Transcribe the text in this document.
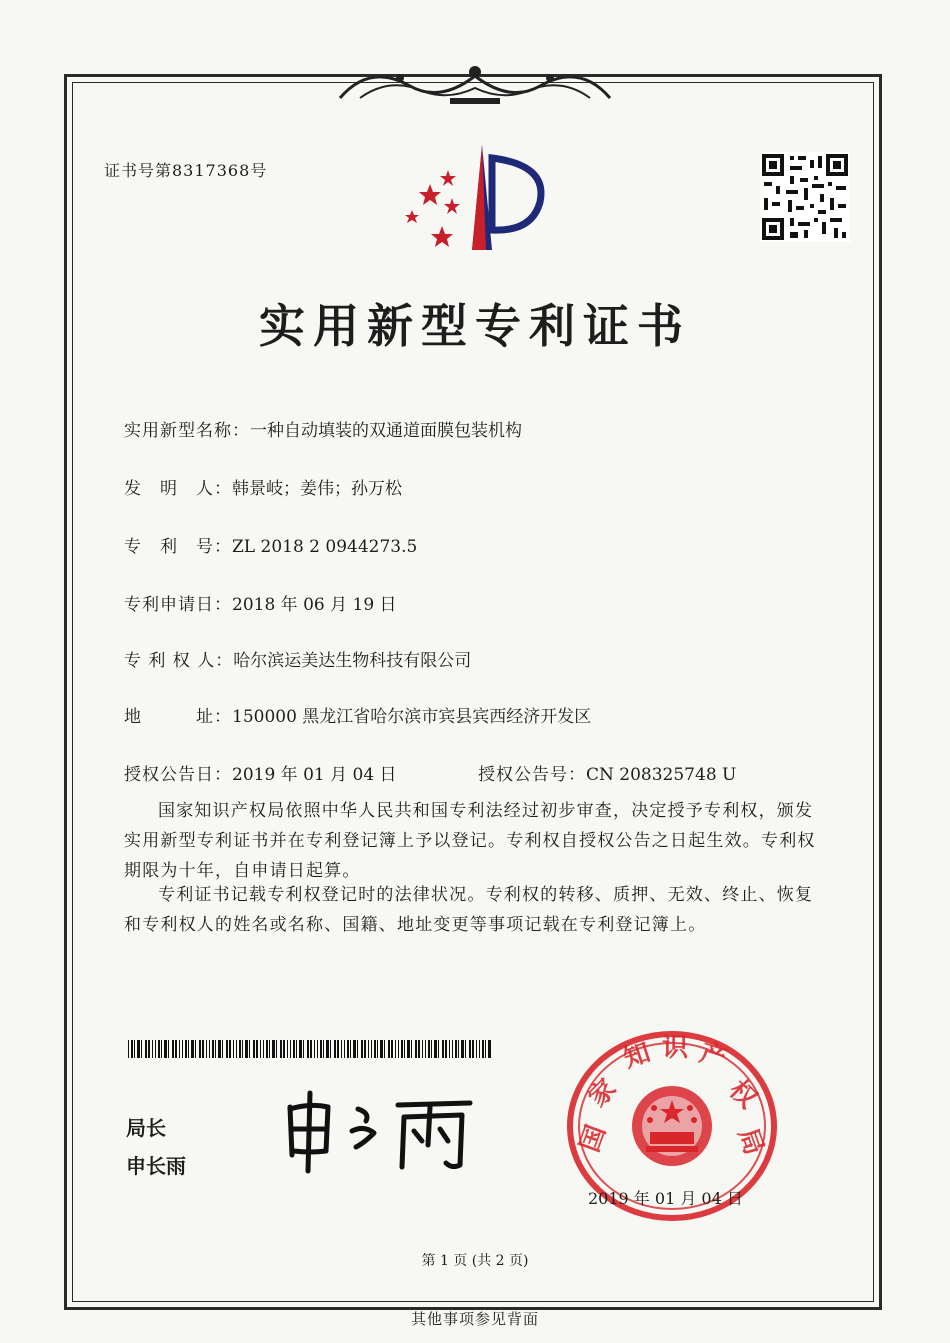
证书号第8317368号
实用新型专利证书
实用新型名称：一种自动填装的双通道面膜包装机构
发　明　人：韩景岐；姜伟；孙万松
专　利　号：ZL 2018 2 0944273.5
专利申请日：2018 年 06 月 19 日
专 利 权 人：哈尔滨运美达生物科技有限公司
地　　　址：150000 黑龙江省哈尔滨市宾县宾西经济开发区
授权公告日：2019 年 01 月 04 日	授权公告号：CN 208325748 U
国家知识产权局依照中华人民共和国专利法经过初步审查，决定授予专利权，颁发实用新型专利证书并在专利登记簿上予以登记。专利权自授权公告之日起生效。专利权期限为十年，自申请日起算。
专利证书记载专利权登记时的法律状况。专利权的转移、质押、无效、终止、恢复和专利权人的姓名或名称、国籍、地址变更等事项记载在专利登记簿上。
局长
申长雨
国
家
知 识 产
权
局
2019 年 01 月 04 日
第 1 页 (共 2 页)
其他事项参见背面
